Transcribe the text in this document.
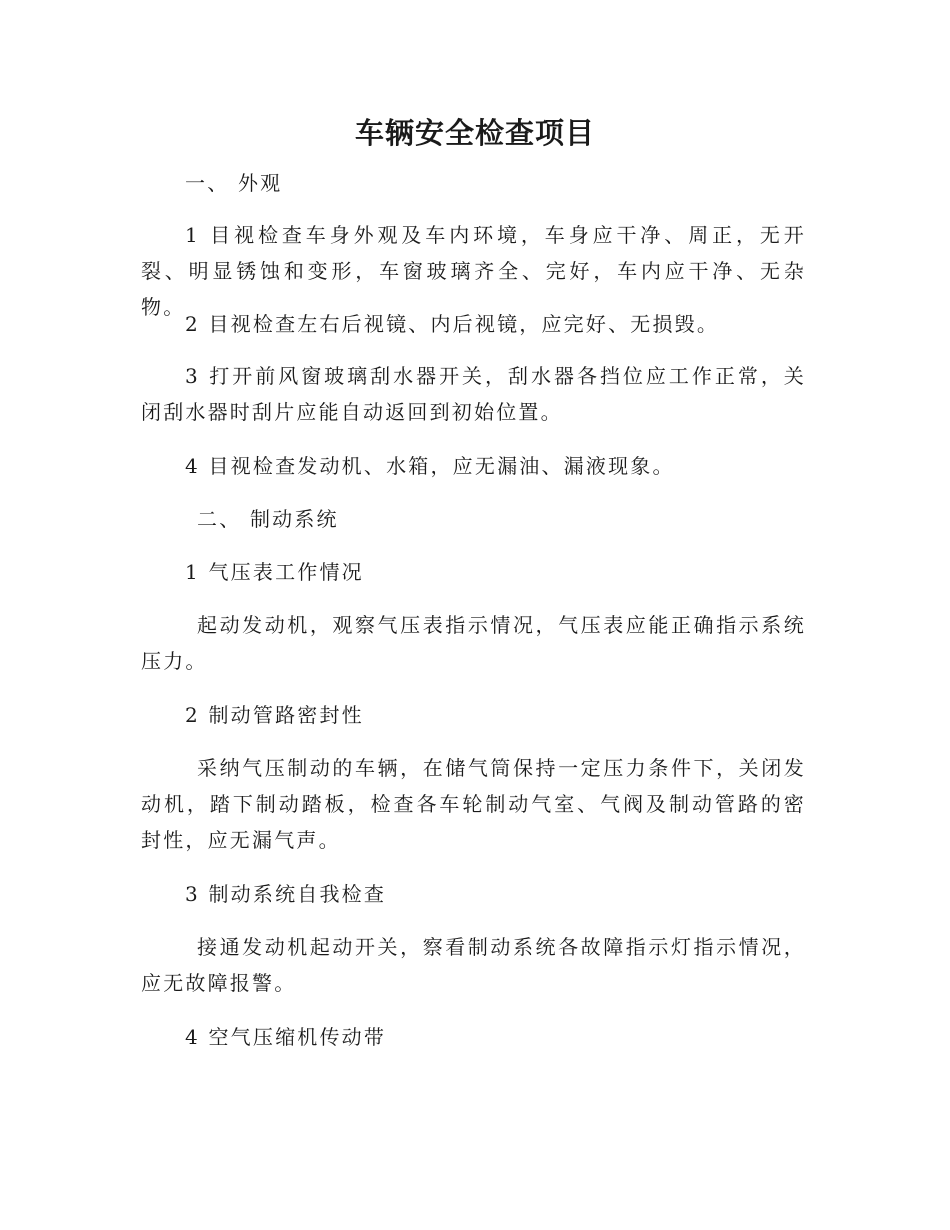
车辆安全检查项目

一、 外观

1 目视检查车身外观及车内环境，车身应干净、周正，无开裂、明显锈蚀和变形，车窗玻璃齐全、完好，车内应干净、无杂物。

2 目视检查左右后视镜、内后视镜，应完好、无损毁。

3 打开前风窗玻璃刮水器开关，刮水器各挡位应工作正常，关闭刮水器时刮片应能自动返回到初始位置。

4 目视检查发动机、水箱，应无漏油、漏液现象。

二、 制动系统

1 气压表工作情况

起动发动机，观察气压表指示情况，气压表应能正确指示系统压力。

2 制动管路密封性

采纳气压制动的车辆，在储气筒保持一定压力条件下，关闭发动机，踏下制动踏板，检查各车轮制动气室、气阀及制动管路的密封性，应无漏气声。

3 制动系统自我检查

接通发动机起动开关，察看制动系统各故障指示灯指示情况，应无故障报警。

4 空气压缩机传动带
